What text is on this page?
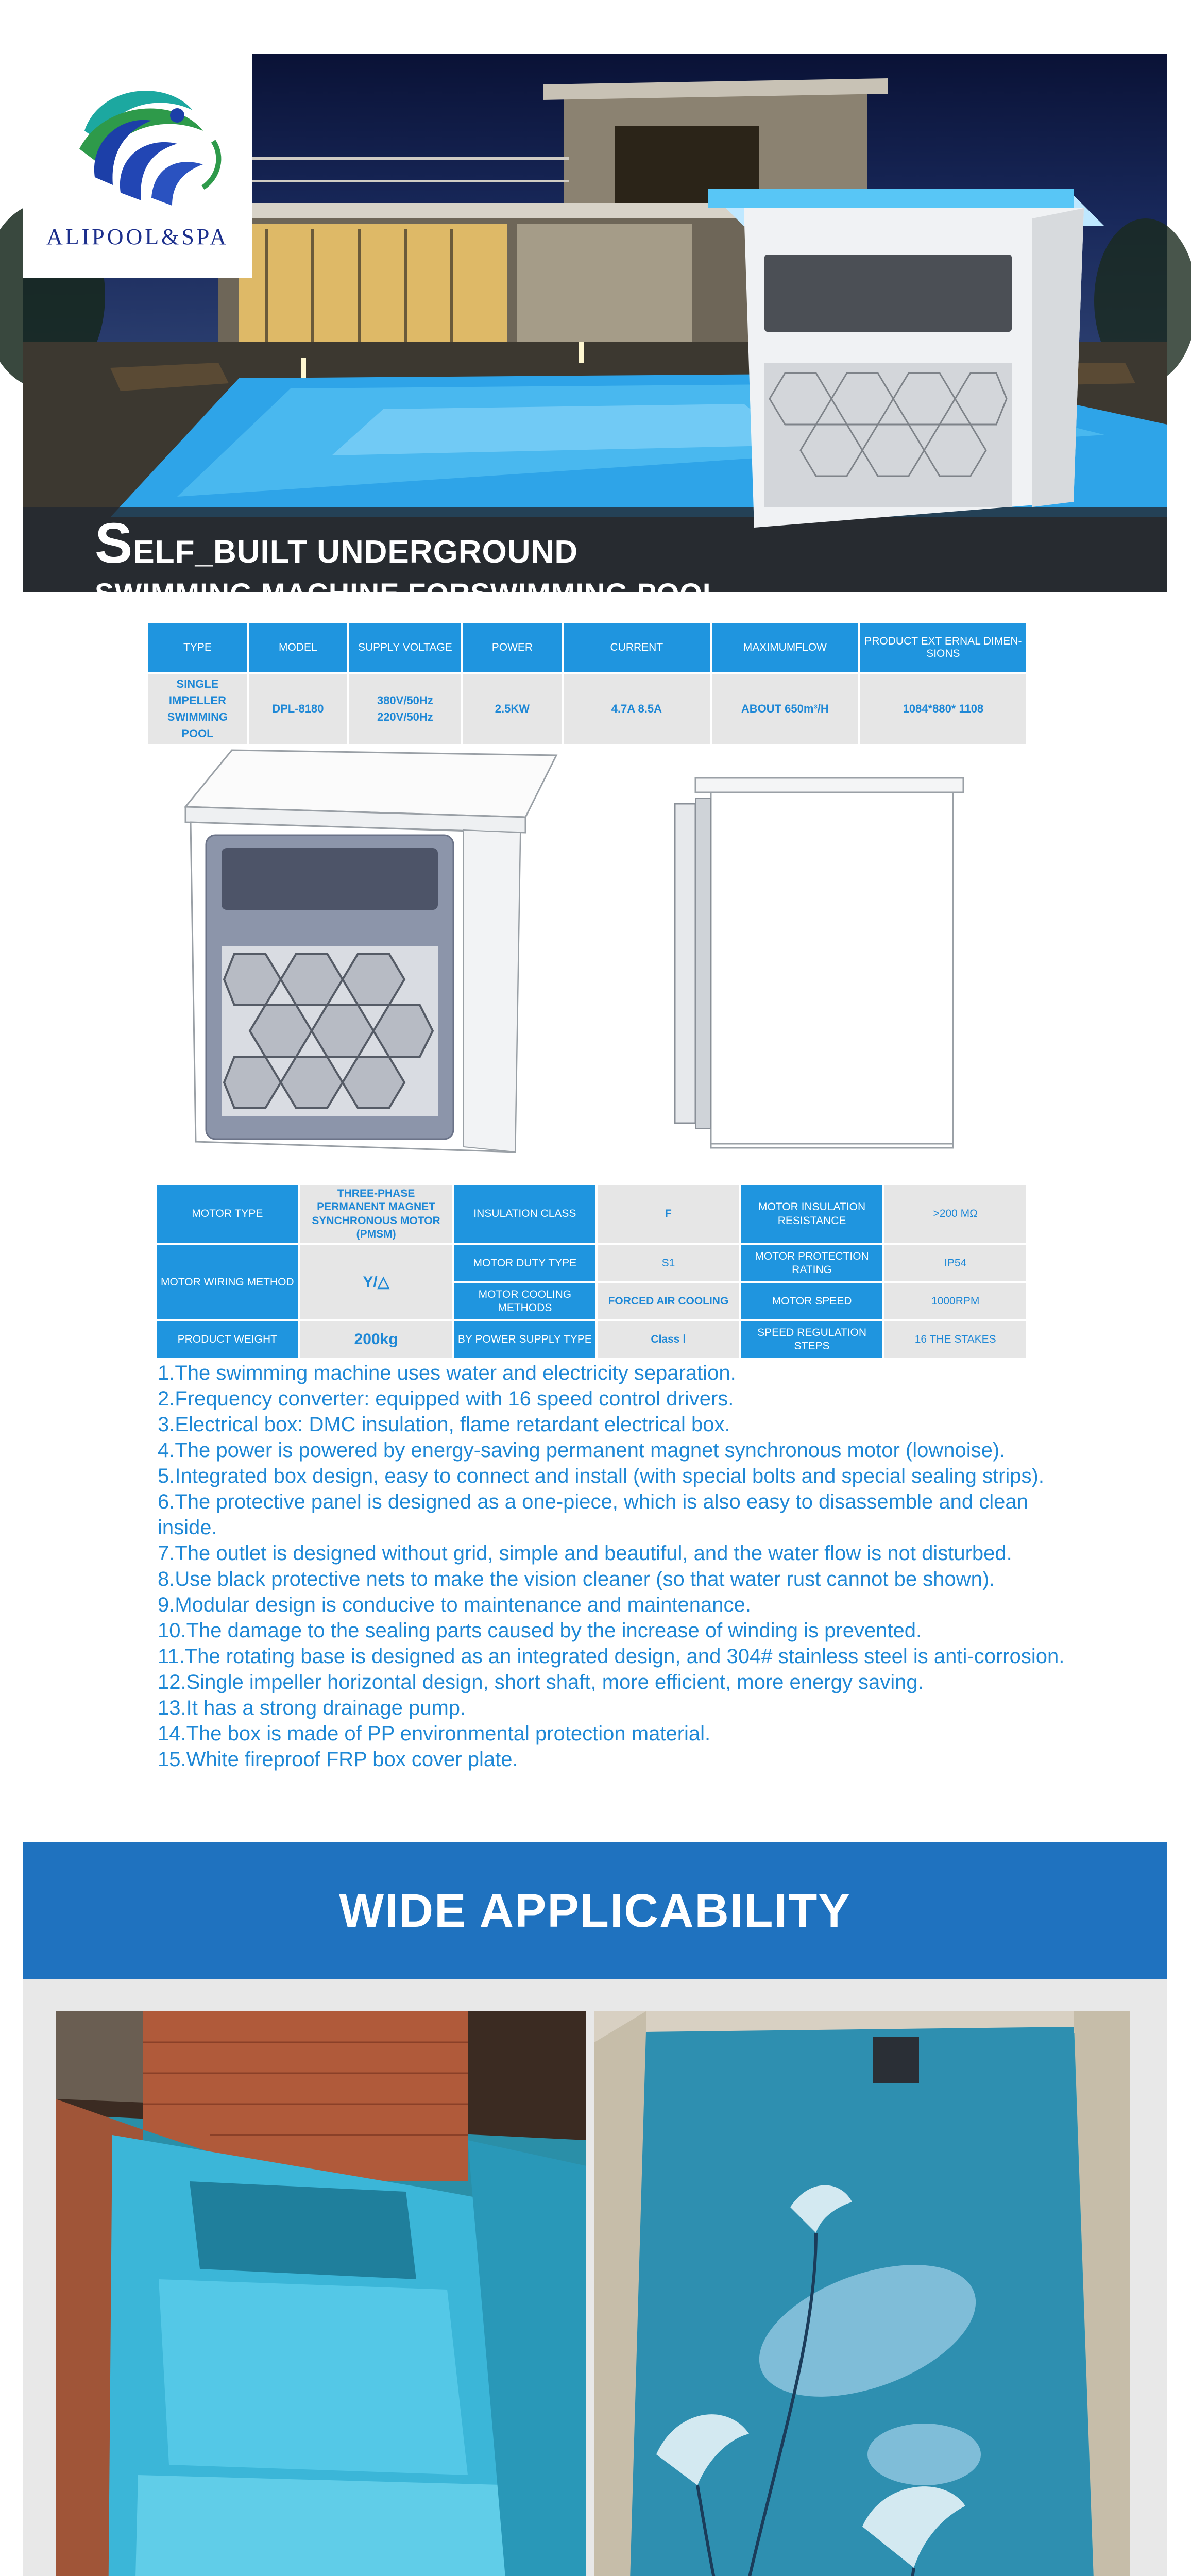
ALIPOOL&SPA
SELF_BUILT UNDERGROUND
SWIMMING MACHINE FORSWIMMING POOL
TYPE	MODEL	SUPPLY VOLTAGE	POWER	CURRENT	MAXIMUMFLOW	PRODUCT EXT ERNAL DIMEN- SIONS
SINGLE IMPELLER SWIMMING POOL	DPL-8180	380V/50Hz 220V/50Hz	2.5KW	4.7A 8.5A	ABOUT 650m³/H	1084*880* 1108
MOTOR TYPE	THREE-PHASE PERMANENT MAGNET SYNCHRONOUS MOTOR (PMSM)	INSULATION CLASS	F	MOTOR INSULATION RESISTANCE	>200 MΩ
MOTOR WIRING METHOD	Y/△	MOTOR DUTY TYPE	S1	MOTOR PROTECTION RATING	IP54
		MOTOR COOLING METHODS	FORCED AIR COOLING	MOTOR SPEED	1000RPM
PRODUCT WEIGHT	200kg	BY POWER SUPPLY TYPE	Class Ⅰ	SPEED REGULATION STEPS	16 THE STAKES

1.The swimming machine uses water and electricity separation.

2.Frequency converter: equipped with 16 speed control drivers.

3.Electrical box: DMC insulation, flame retardant electrical box.

4.The power is powered by energy-saving permanent magnet synchronous motor (lownoise).

5.Integrated box design, easy to connect and install (with special bolts and special sealing strips).

6.The protective panel is designed as a one-piece, which is also easy to disassemble and clean inside.

7.The outlet is designed without grid, simple and beautiful, and the water flow is not disturbed.

8.Use black protective nets to make the vision cleaner (so that water rust cannot be shown).

9.Modular design is conducive to maintenance and maintenance.

10.The damage to the sealing parts caused by the increase of winding is prevented.

11.The rotating base is designed as an integrated design, and 304# stainless steel is anti-corrosion.

12.Single impeller horizontal design, short shaft, more efficient, more energy saving.

13.It has a strong drainage pump.

14.The box is made of PP environmental protection material.

15.White fireproof FRP box cover plate.

WIDE APPLICABILITY
